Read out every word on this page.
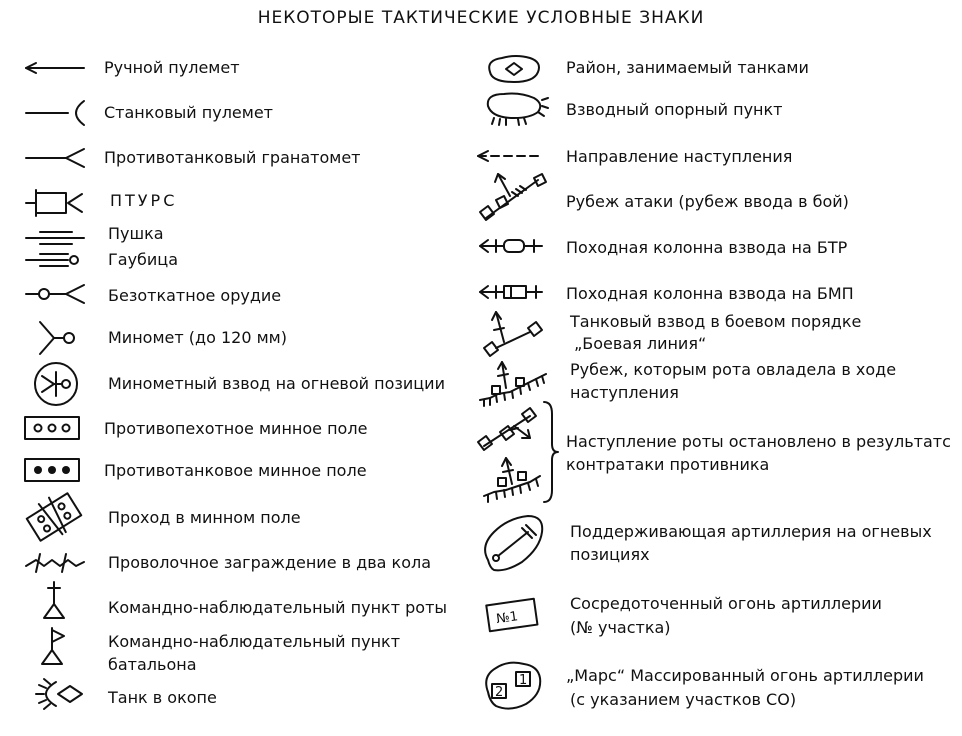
НЕКОТОРЫЕ ТАКТИЧЕСКИЕ УСЛОВНЫЕ ЗНАКИ
Ручной пулемет
Станковый пулемет
Противотанковый гранатомет
ПТУРС
Пушка
Гаубица
Безоткатное орудие
Миномет (до 120 мм)
Минометный взвод на огневой позиции
Противопехотное минное поле
Противотанковое минное поле
Проход в минном поле
Проволочное заграждение в два кола
Командно-наблюдательный пункт роты
Командно-наблюдательный пункт
батальона
Танк в окопе
Район, занимаемый танками
Взводный опорный пункт
Направление наступления
Рубеж атаки (рубеж ввода в бой)
Походная колонна взвода на БТР
Походная колонна взвода на БМП
Танковый взвод в боевом порядке
„Боевая линия“
Рубеж, которым рота овладела в ходе
наступления
Наступление роты остановлено в результатс
контратаки противника
Поддерживающая артиллерия на огневых
позициях
№1
Сосредоточенный огонь артиллерии
(№ участка)
2
1 „Марс“ Массированный огонь артиллерии
(с указанием участков СО)
